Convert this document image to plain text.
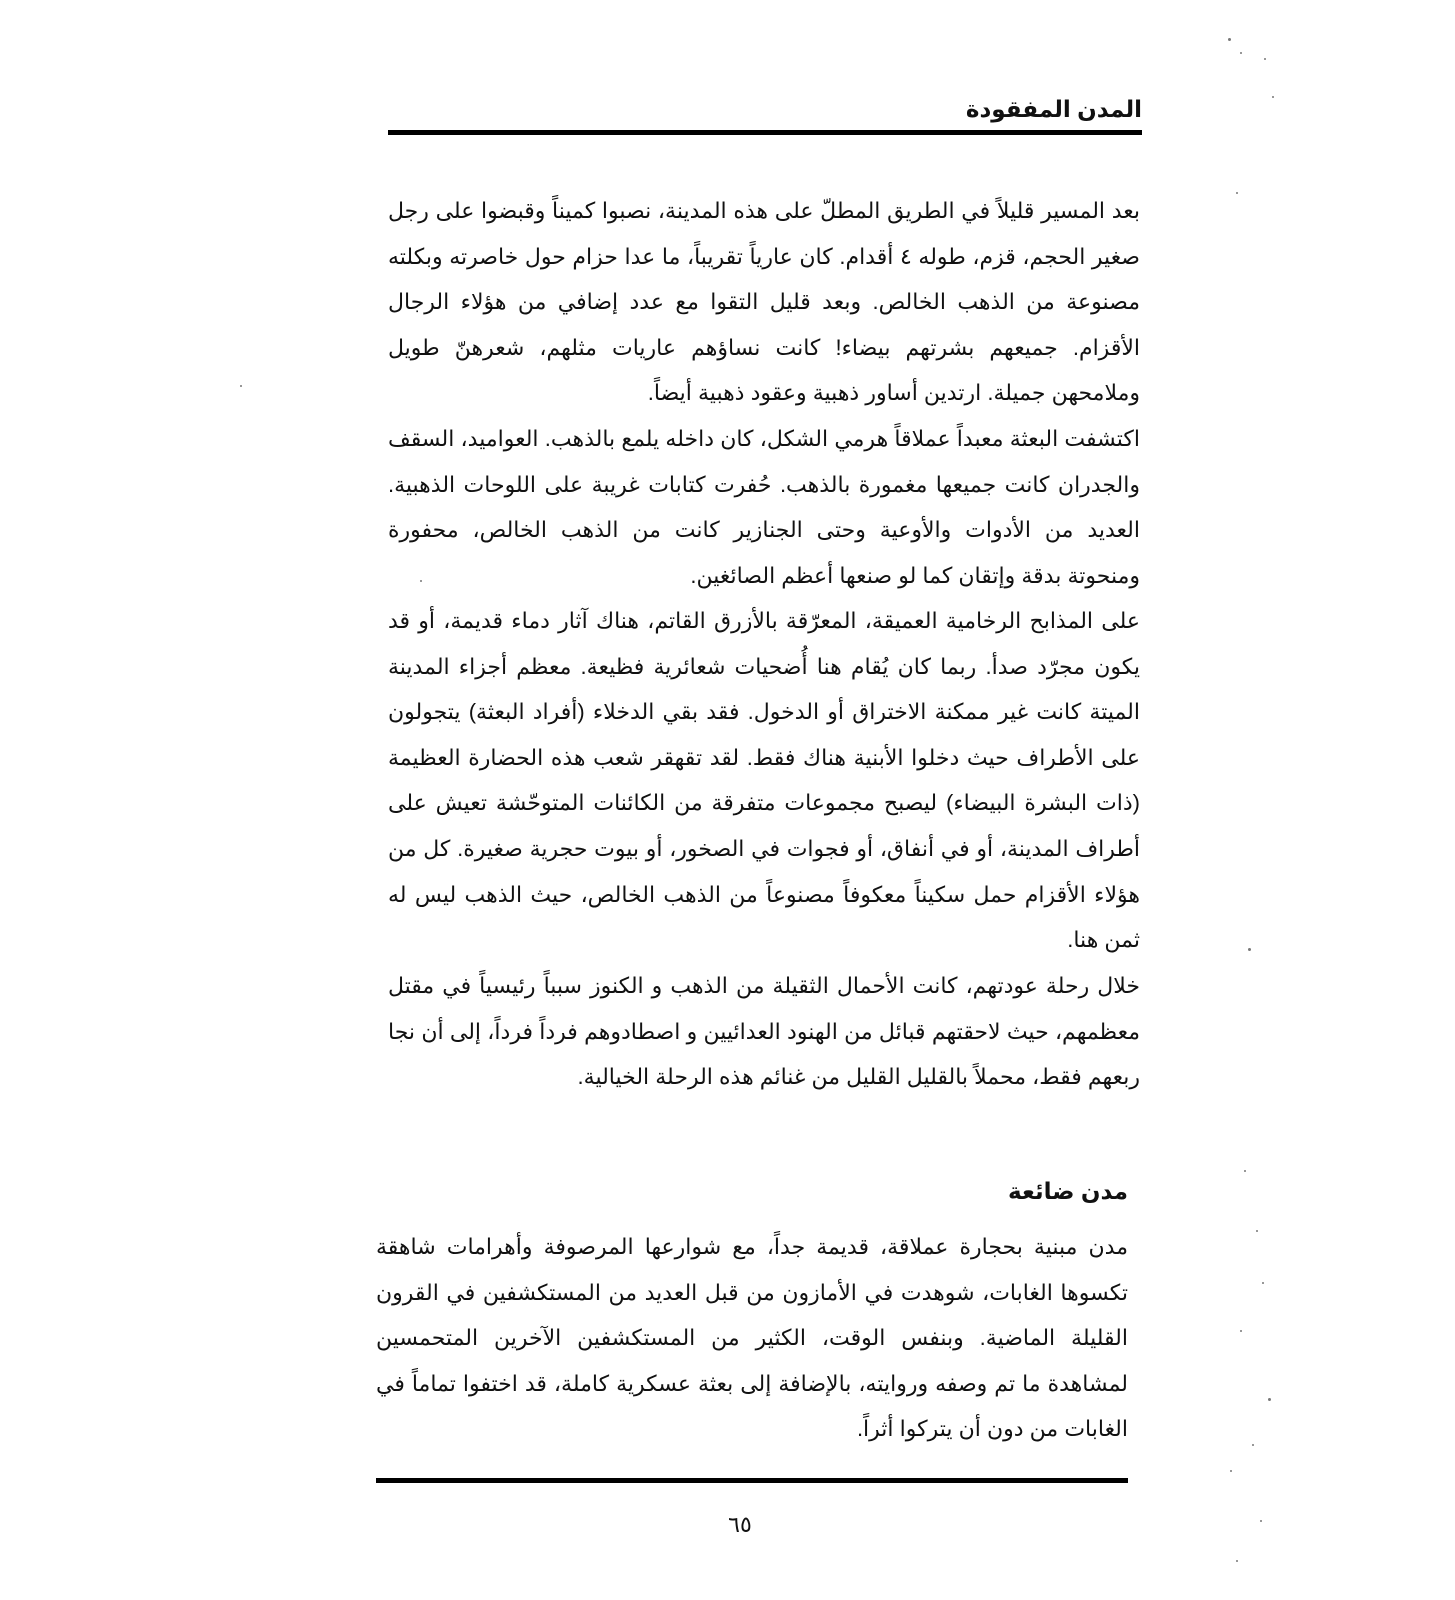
المدن المفقودة

بعد المسير قليلاً في الطريق المطلّ على هذه المدينة، نصبوا كميناً وقبضوا على رجل صغير الحجم، قزم، طوله ٤ أقدام. كان عارياً تقريباً، ما عدا حزام حول خاصرته وبكلته مصنوعة من الذهب الخالص. وبعد قليل التقوا مع عدد إضافي من هؤلاء الرجال الأقزام. جميعهم بشرتهم بيضاء! كانت نساؤهم عاريات مثلهم، شعرهنّ طويل وملامحهن جميلة. ارتدين أساور ذهبية وعقود ذهبية أيضاً.

اكتشفت البعثة معبداً عملاقاً هرمي الشكل، كان داخله يلمع بالذهب. العواميد، السقف والجدران كانت جميعها مغمورة بالذهب. حُفرت كتابات غريبة على اللوحات الذهبية. العديد من الأدوات والأوعية وحتى الجنازير كانت من الذهب الخالص، محفورة ومنحوتة بدقة وإتقان كما لو صنعها أعظم الصائغين.

على المذابح الرخامية العميقة، المعرّقة بالأزرق القاتم، هناك آثار دماء قديمة، أو قد يكون مجرّد صدأ. ربما كان يُقام هنا أُضحيات شعائرية فظيعة. معظم أجزاء المدينة الميتة كانت غير ممكنة الاختراق أو الدخول. فقد بقي الدخلاء (أفراد البعثة) يتجولون على الأطراف حيث دخلوا الأبنية هناك فقط. لقد تقهقر شعب هذه الحضارة العظيمة (ذات البشرة البيضاء) ليصبح مجموعات متفرقة من الكائنات المتوحّشة تعيش على أطراف المدينة، أو في أنفاق، أو فجوات في الصخور، أو بيوت حجرية صغيرة. كل من هؤلاء الأقزام حمل سكيناً معكوفاً مصنوعاً من الذهب الخالص، حيث الذهب ليس له ثمن هنا.

خلال رحلة عودتهم، كانت الأحمال الثقيلة من الذهب و الكنوز سبباً رئيسياً في مقتل معظمهم، حيث لاحقتهم قبائل من الهنود العدائيين و اصطادوهم فرداً فرداً، إلى أن نجا ربعهم فقط، محملاً بالقليل القليل من غنائم هذه الرحلة الخيالية.

مدن ضائعة

مدن مبنية بحجارة عملاقة، قديمة جداً، مع شوارعها المرصوفة وأهرامات شاهقة تكسوها الغابات، شوهدت في الأمازون من قبل العديد من المستكشفين في القرون القليلة الماضية. وبنفس الوقت، الكثير من المستكشفين الآخرين المتحمسين لمشاهدة ما تم وصفه وروايته، بالإضافة إلى بعثة عسكرية كاملة، قد اختفوا تماماً في الغابات من دون أن يتركوا أثراً.

٦٥
